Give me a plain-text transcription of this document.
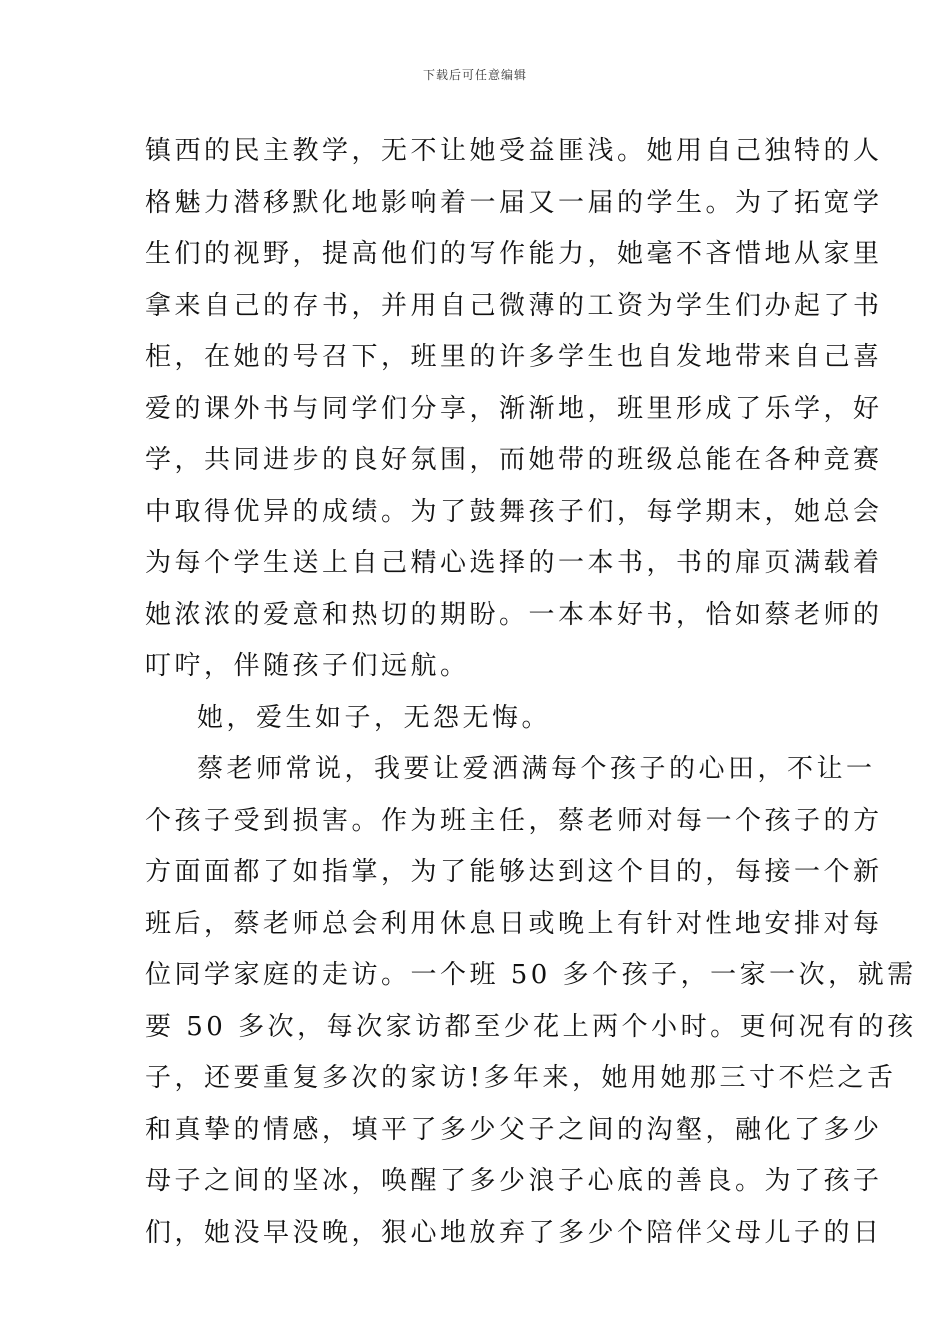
下载后可任意编辑
镇西的民主教学，无不让她受益匪浅。她用自己独特的人
格魅力潜移默化地影响着一届又一届的学生。为了拓宽学
生们的视野，提高他们的写作能力，她毫不吝惜地从家里
拿来自己的存书，并用自己微薄的工资为学生们办起了书
柜，在她的号召下，班里的许多学生也自发地带来自己喜
爱的课外书与同学们分享，渐渐地，班里形成了乐学，好
学，共同进步的良好氛围，而她带的班级总能在各种竞赛
中取得优异的成绩。为了鼓舞孩子们，每学期末，她总会
为每个学生送上自己精心选择的一本书，书的扉页满载着
她浓浓的爱意和热切的期盼。一本本好书，恰如蔡老师的
叮咛，伴随孩子们远航。
她，爱生如子，无怨无悔。
蔡老师常说，我要让爱洒满每个孩子的心田，不让一
个孩子受到损害。作为班主任，蔡老师对每一个孩子的方
方面面都了如指掌，为了能够达到这个目的，每接一个新
班后，蔡老师总会利用休息日或晚上有针对性地安排对每
位同学家庭的走访。一个班 50 多个孩子，一家一次，就需
要 50 多次，每次家访都至少花上两个小时。更何况有的孩
子，还要重复多次的家访!多年来，她用她那三寸不烂之舌
和真挚的情感，填平了多少父子之间的沟壑，融化了多少
母子之间的坚冰，唤醒了多少浪子心底的善良。为了孩子
们，她没早没晚，狠心地放弃了多少个陪伴父母儿子的日
